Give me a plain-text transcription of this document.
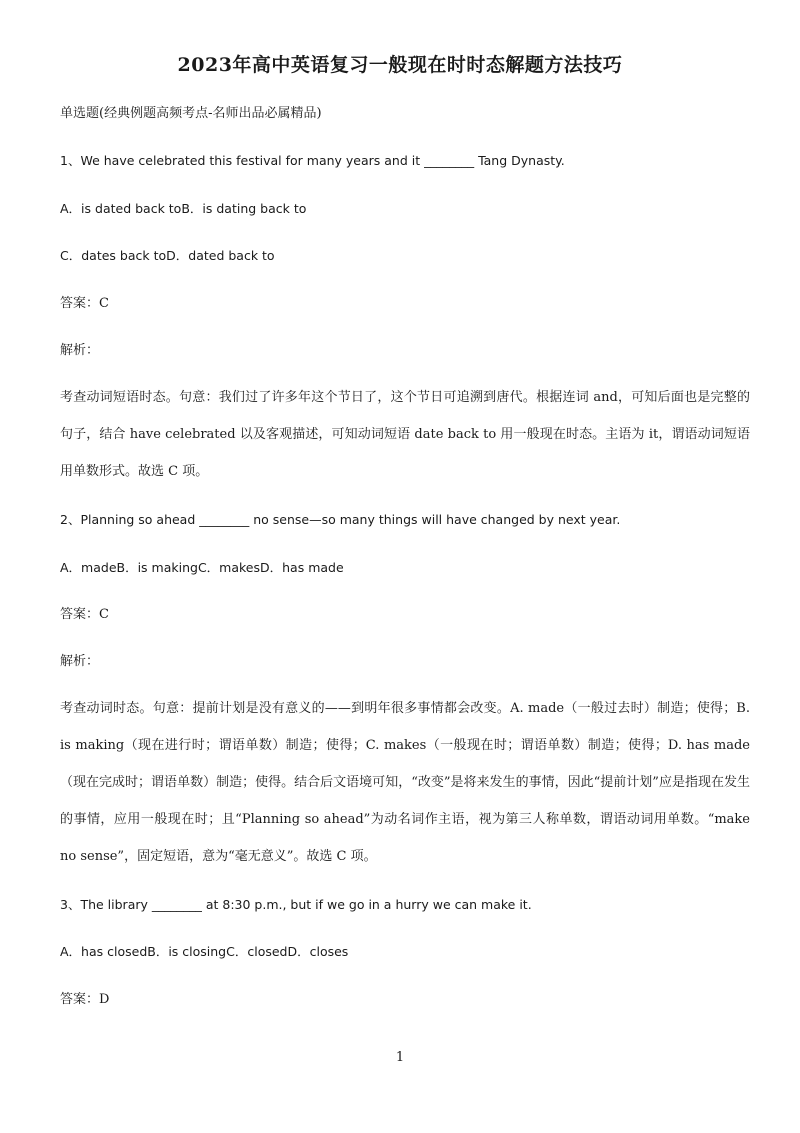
2023年高中英语复习一般现在时时态解题方法技巧
单选题(经典例题高频考点-名师出品必属精品)
1、We have celebrated this festival for many years and it ________ Tang Dynasty.
A．is dated back toB．is dating back to
C．dates back toD．dated back to
答案：C
解析：
考查动词短语时态。句意：我们过了许多年这个节日了，这个节日可追溯到唐代。根据连词 and，可知后面也是完整的句子，结合 have celebrated 以及客观描述，可知动词短语 date back to 用一般现在时态。主语为 it，谓语动词短语用单数形式。故选 C 项。
2、Planning so ahead ________ no sense—so many things will have changed by next year.
A．madeB．is makingC．makesD．has made
答案：C
解析：
考查动词时态。句意：提前计划是没有意义的——到明年很多事情都会改变。A. made（一般过去时）制造；使得；B. is making（现在进行时；谓语单数）制造；使得；C. makes（一般现在时；谓语单数）制造；使得；D. has made（现在完成时；谓语单数）制造；使得。结合后文语境可知，“改变”是将来发生的事情，因此“提前计划”应是指现在发生的事情，应用一般现在时；且“Planning so ahead”为动名词作主语，视为第三人称单数，谓语动词用单数。“make no sense”，固定短语，意为“毫无意义”。故选 C 项。
3、The library ________ at 8:30 p.m., but if we go in a hurry we can make it.
A．has closedB．is closingC．closedD．closes
答案：D
1
